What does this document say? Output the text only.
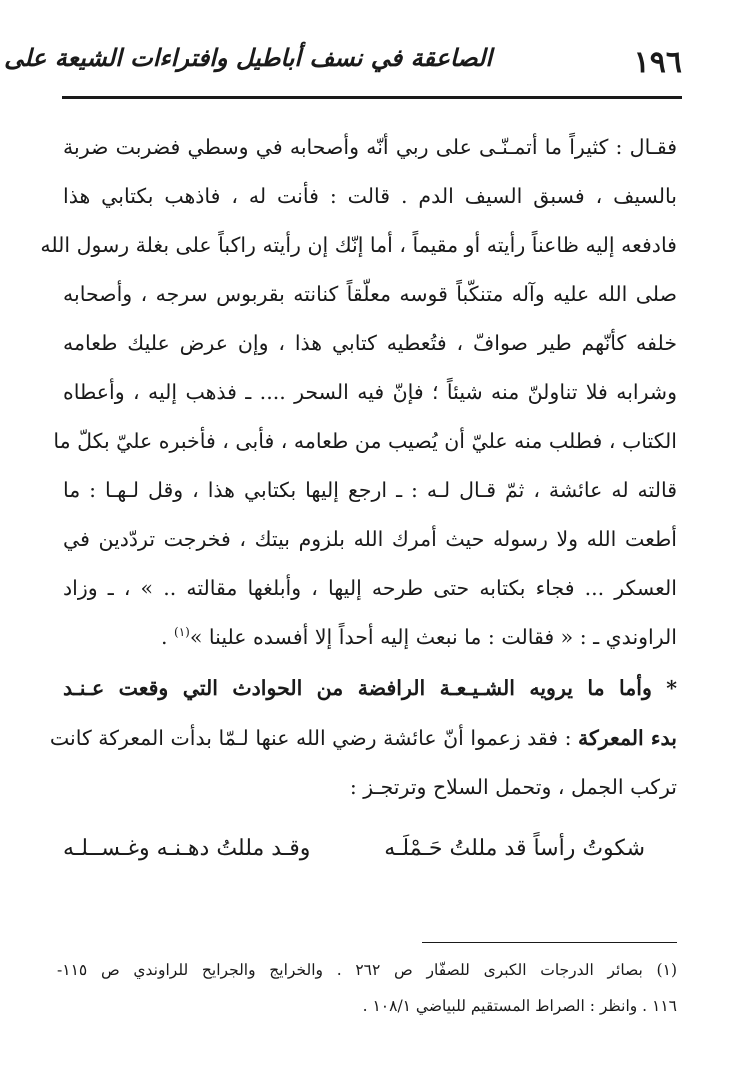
١٩٦
الصاعقة في نسف أباطيل وافتراءات الشيعة على
فقـال : كثيراً ما أتمـنّـى على ربي أنّه وأصحابه في وسطي فضربت ضربة
بالسيف ، فسبق السيف الدم . قالت : فأنت له ، فاذهب بكتابي هذا
فادفعه إليه ظاعناً رأيته أو مقيماً ، أما إنّك إن رأيته راكباً على بغلة رسول الله
صلى الله عليه وآله متنكّباً قوسه معلّقاً كنانته بقربوس سرجه ، وأصحابه
خلفه كأنّهم طير صوافّ ، فتُعطيه كتابي هذا ، وإن عرض عليك طعامه
وشرابه فلا تناولنّ منه شيئاً ؛ فإنّ فيه السحر .... ـ فذهب إليه ، وأعطاه
الكتاب ، فطلب منه عليّ أن يُصيب من طعامه ، فأبى ، فأخبره عليّ بكلّ ما
قالته له عائشة ، ثمّ قـال لـه : ـ ارجع إليها بكتابي هذا ، وقل لـهـا : ما
أطعت الله ولا رسوله حيث أمرك الله بلزوم بيتك ، فخرجت تردّدين في
العسكر ... فجاء بكتابه حتى طرحه إليها ، وأبلغها مقالته .. » ، ـ وزاد
الراوندي ـ : « فقالت : ما نبعث إليه أحداً إلا أفسده علينا »$^{(١)}$ .
* وأما ما يرويه الشـيـعـة الرافضة من الحوادث التي وقعت عـنـد
بدء المعركة : فقد زعموا أنّ عائشة رضي الله عنها لـمّا بدأت المعركة كانت
تركب الجمل ، وتحمل السلاح وترتجـز :
شكوتُ رأساً قد مللتُ حَـمْلَـه
وقـد مللتُ دهـنـه وغـســلـه
(١) بصائر الدرجات الكبرى للصفّار ص ٢٦٢ . والخرايج والجرايح للراوندي ص ١١٥-
١١٦ . وانظر : الصراط المستقيم للبياضي ١٠٨/١ .
